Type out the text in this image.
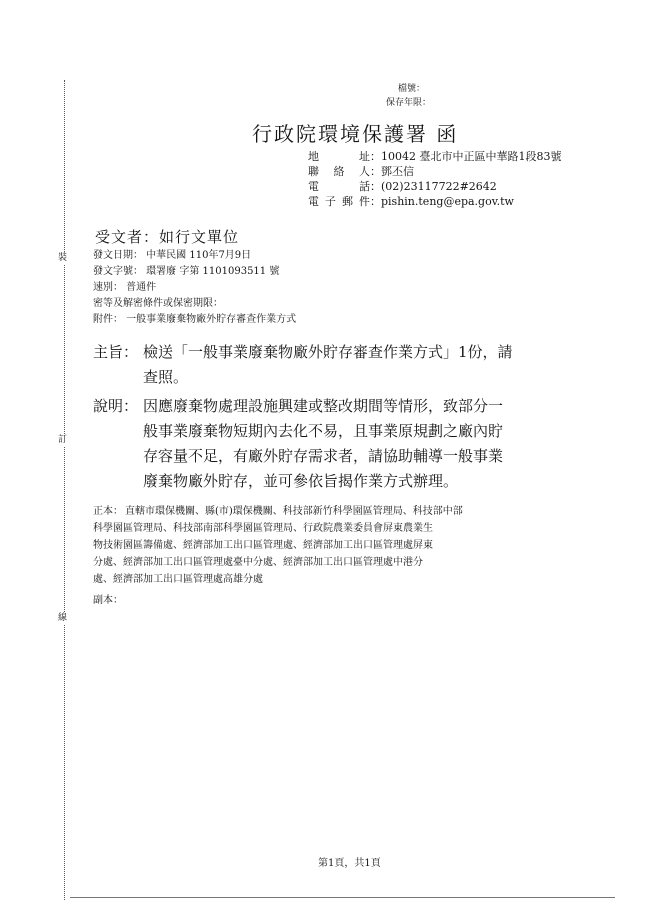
裝
訂
線
檔號：
保存年限：
行政院環境保護署 函
地址：10042 臺北市中正區中華路1段83號
聯絡人：鄧丕信
電話：(02)23117722#2642
電子郵件：pishin.teng@epa.gov.tw
受文者：如行文單位
發文日期： 中華民國 110年7月9日
發文字號： 環署廢 字第 1101093511 號
速別： 普通件
密等及解密條件或保密期限：
附件： 一般事業廢棄物廠外貯存審查作業方式
主旨： 檢送「一般事業廢棄物廠外貯存審查作業方式」1份，請
查照。
說明： 因應廢棄物處理設施興建或整改期間等情形，致部分一
般事業廢棄物短期內去化不易，且事業原規劃之廠內貯
存容量不足，有廠外貯存需求者，請協助輔導一般事業
廢棄物廠外貯存，並可參依旨揭作業方式辦理。
正本： 直轄市環保機關、縣(市)環保機關、科技部新竹科學園區管理局、科技部中部
科學園區管理局、科技部南部科學園區管理局、行政院農業委員會屏東農業生
物技術園區籌備處、經濟部加工出口區管理處、經濟部加工出口區管理處屏東
分處、經濟部加工出口區管理處臺中分處、經濟部加工出口區管理處中港分
處、經濟部加工出口區管理處高雄分處
副本：
第1頁，共1頁
